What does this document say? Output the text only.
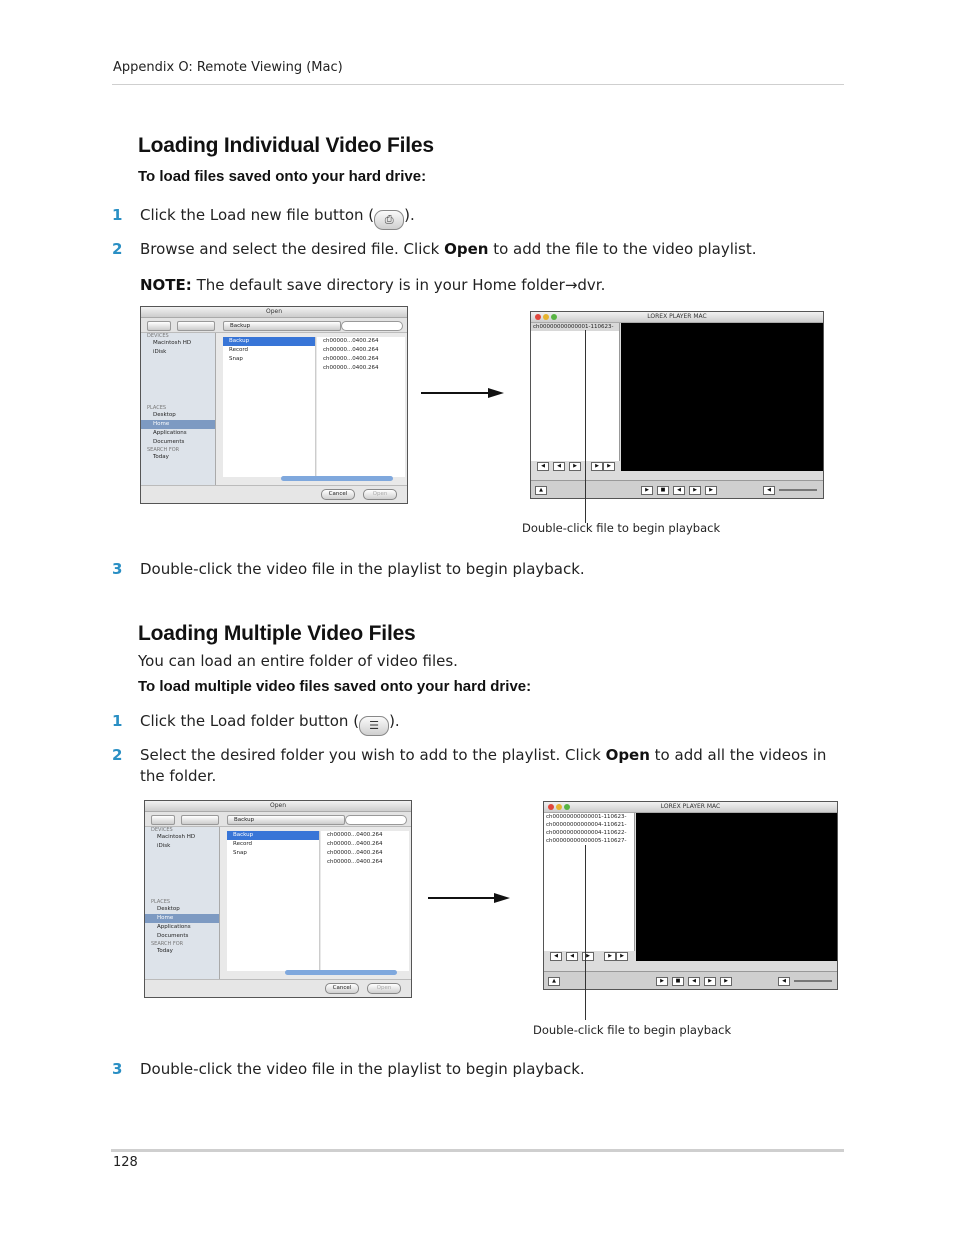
Appendix O: Remote Viewing (Mac)
Loading Individual Video Files
To load files saved onto your hard drive:
1 Click the Load new file button ( ⎙ ).
2 Browse and select the desired file. Click Open to add the file to the video playlist.
NOTE: The default save directory is in your Home folder→dvr.
Open
Backup
DEVICES
Macintosh HD
iDisk
PLACES
Desktop
Home
Applications
Documents
SEARCH FOR
Today
Backup
Record
Snap
ch00000...0400.264
ch00000...0400.264
ch00000...0400.264
ch00000...0400.264
Cancel	Open
LOREX PLAYER MAC
ch00000000000001-110623-
◀	◀	▶	▶	▶
▲	▶	■	◀	▶	▶	◀
Double-click file to begin playback
3 Double-click the video file in the playlist to begin playback.
Loading Multiple Video Files
You can load an entire folder of video files.
To load multiple video files saved onto your hard drive:
1 Click the Load folder button ( ☰ ).
2 Select the desired folder you wish to add to the playlist. Click Open to add all the videos in the folder.
Open
Backup
DEVICES
Macintosh HD
iDisk
PLACES
Desktop
Home
Applications
Documents
SEARCH FOR
Today
Backup
Record
Snap
ch00000...0400.264
ch00000...0400.264
ch00000...0400.264
ch00000...0400.264
Cancel	Open
LOREX PLAYER MAC
ch00000000000001-110623-
ch00000000000004-110621-
ch00000000000004-110622-
ch00000000000005-110627-
◀	◀	▶	▶	▶
▲	▶	■	◀	▶	▶	◀
Double-click file to begin playback
3 Double-click the video file in the playlist to begin playback.
128
